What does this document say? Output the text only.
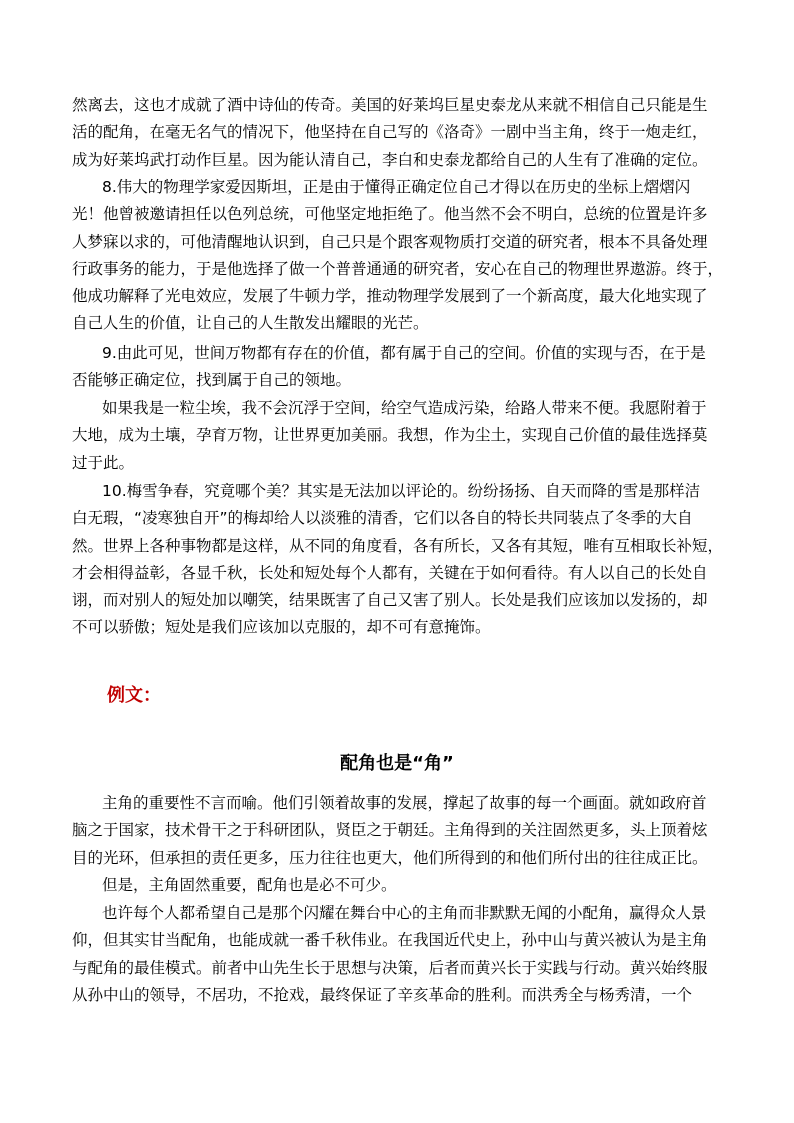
然离去，这也才成就了酒中诗仙的传奇。美国的好莱坞巨星史泰龙从来就不相信自己只能是生
活的配角，在毫无名气的情况下，他坚持在自己写的《洛奇》一剧中当主角，终于一炮走红，
成为好莱坞武打动作巨星。因为能认清自己，李白和史泰龙都给自己的人生有了准确的定位。
8.伟大的物理学家爱因斯坦，正是由于懂得正确定位自己才得以在历史的坐标上熠熠闪
光！他曾被邀请担任以色列总统，可他坚定地拒绝了。他当然不会不明白，总统的位置是许多
人梦寐以求的，可他清醒地认识到，自己只是个跟客观物质打交道的研究者，根本不具备处理
行政事务的能力，于是他选择了做一个普普通通的研究者，安心在自己的物理世界遨游。终于，
他成功解释了光电效应，发展了牛顿力学，推动物理学发展到了一个新高度，最大化地实现了
自己人生的价值，让自己的人生散发出耀眼的光芒。
9.由此可见，世间万物都有存在的价值，都有属于自己的空间。价值的实现与否，在于是
否能够正确定位，找到属于自己的领地。
如果我是一粒尘埃，我不会沉浮于空间，给空气造成污染，给路人带来不便。我愿附着于
大地，成为土壤，孕育万物，让世界更加美丽。我想，作为尘土，实现自己价值的最佳选择莫
过于此。
10.梅雪争春，究竟哪个美？其实是无法加以评论的。纷纷扬扬、自天而降的雪是那样洁
白无瑕，“凌寒独自开”的梅却给人以淡雅的清香，它们以各自的特长共同装点了冬季的大自
然。世界上各种事物都是这样，从不同的角度看，各有所长，又各有其短，唯有互相取长补短，
才会相得益彰，各显千秋，长处和短处每个人都有，关键在于如何看待。有人以自己的长处自
诩，而对别人的短处加以嘲笑，结果既害了自己又害了别人。长处是我们应该加以发扬的，却
不可以骄傲；短处是我们应该加以克服的，却不可有意掩饰。
例文：
配角也是“角”
主角的重要性不言而喻。他们引领着故事的发展，撑起了故事的每一个画面。就如政府首
脑之于国家，技术骨干之于科研团队，贤臣之于朝廷。主角得到的关注固然更多，头上顶着炫
目的光环，但承担的责任更多，压力往往也更大，他们所得到的和他们所付出的往往成正比。
但是，主角固然重要，配角也是必不可少。
也许每个人都希望自己是那个闪耀在舞台中心的主角而非默默无闻的小配角，赢得众人景
仰，但其实甘当配角，也能成就一番千秋伟业。在我国近代史上，孙中山与黄兴被认为是主角
与配角的最佳模式。前者中山先生长于思想与决策，后者而黄兴长于实践与行动。黄兴始终服
从孙中山的领导，不居功，不抢戏，最终保证了辛亥革命的胜利。而洪秀全与杨秀清，一个
